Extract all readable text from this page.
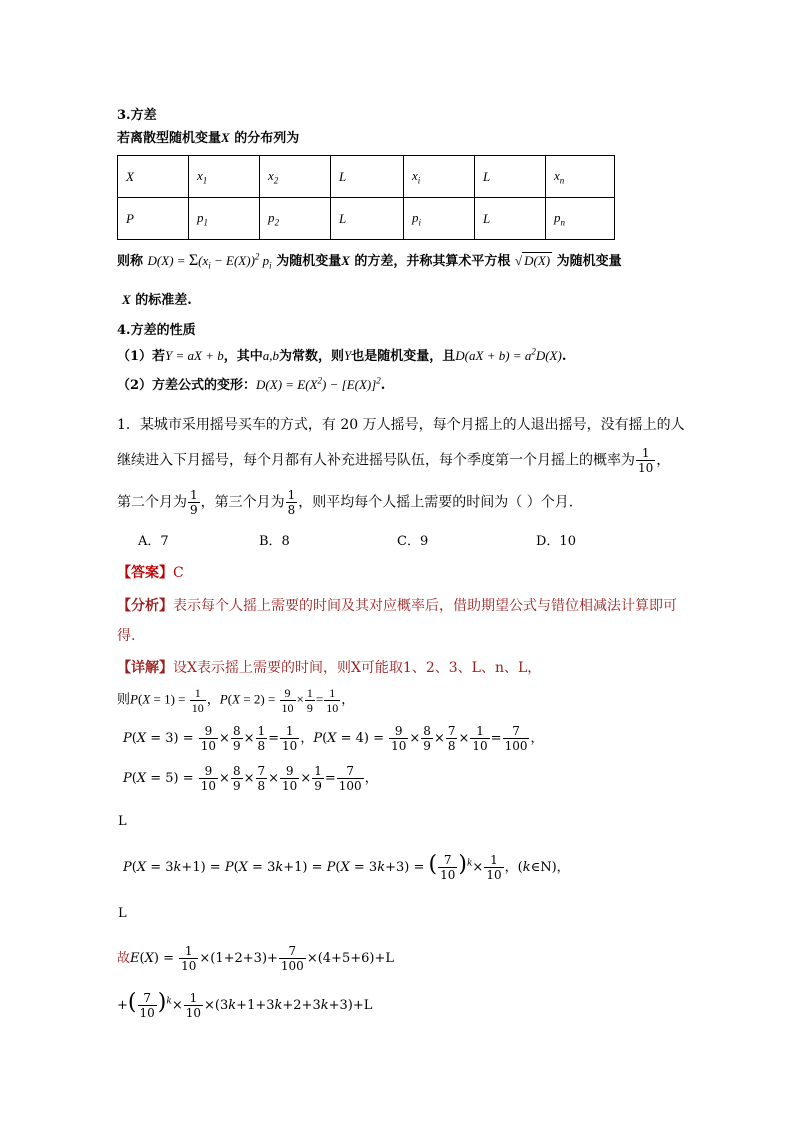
3.方差
若离散型随机变量X 的分布列为
X	$x_1$	$x_2$	L	$x_i$	L	$x_n$
P	$p_1$	$p_2$	L	$p_i$	L	$p_n$
则称 $D(X) = \Sigma(x_i - E(X))^2$ $p_i$ 为随机变量X 的方差，并称其算术平方根 √ D(X) 为随机变量
X 的标准差.
4.方差的性质
（1）若Y = aX + b，其中a,b为常数，则Y也是随机变量，且$D(aX + b) = a^2D(X)$.
（2）方差公式的变形：$D(X) = E(X^2) - [E(X)]^2$.
1．某城市采用摇号买车的方式，有 20 万人摇号，每个月摇上的人退出摇号，没有摇上的人
继续进入下月摇号，每个月都有人补充进摇号队伍，每个季度第一个月摇上的概率为 $\frac{1}{10}$ ，
第二个月为 $\frac{1}{9}$ ，第三个月为 $\frac{1}{8}$ ，则平均每个人摇上需要的时间为（ ）个月.
A．7	B．8	C．9	D．10
【答案】C
【分析】表示每个人摇上需要的时间及其对应概率后，借助期望公式与错位相减法计算即可
得.
【详解】设X表示摇上需要的时间，则X可能取1、2、3、L、n、L，
则$P(X = 1) = \frac{1}{10}$ ，$P(X = 2) = \frac{9}{10} \times \frac{1}{9} = \frac{1}{10}$ ，
$P(X = 3) = \frac{9}{10} \times \frac{8}{9} \times \frac{1}{8} = \frac{1}{10}$ ，$P(X = 4) = \frac{9}{10} \times \frac{8}{9} \times \frac{7}{8} \times \frac{1}{10} = \frac{7}{100}$ ，
$P(X = 5) = \frac{9}{10} \times \frac{8}{9} \times \frac{7}{8} \times \frac{9}{10} \times \frac{1}{9} = \frac{7}{100}$ ，
L
P(X = 3k+1) = P(X = 3k+1) = P(X = 3k+3) = ( $\frac{7}{10} )^k\times \frac{1}{10}$ ，(k∈N)，
L
故$E(X) = \frac{1}{10} \times(1+2+3)+ \frac{7}{100} \times(4+5+6)+L$
+( $\frac{7}{10} )^k\times \frac{1}{10} \times(3k+1+3k+2+3k+3)+L$
